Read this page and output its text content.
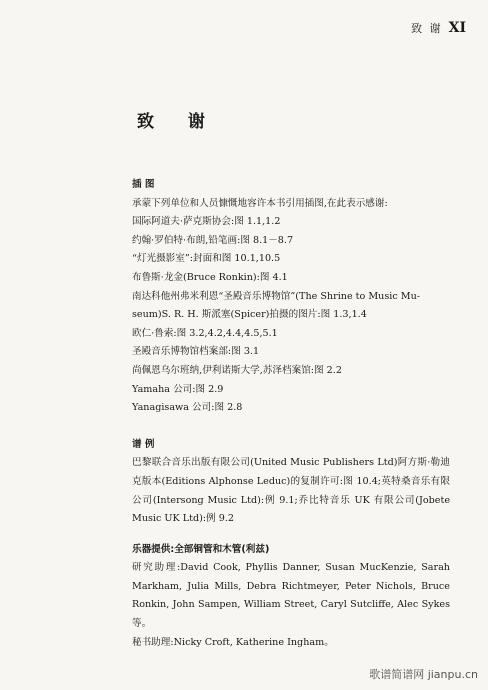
致 谢 XI
致 谢
插 图
承蒙下列单位和人员慷慨地容许本书引用插图,在此表示感谢:
国际阿道夫·萨克斯协会:图 1.1,1.2
约翰·罗伯特·布朗,铅笔画:图 8.1－8.7
“灯光摄影室”:封面和图 10.1,10.5
布鲁斯·龙金(Bruce Ronkin):图 4.1
南达科他州弗米利恩“圣殿音乐博物馆”(The Shrine to Music Mu-
seum)S. R. H. 斯派塞(Spicer)拍摄的图片:图 1.3,1.4
欧仁·鲁索:图 3.2,4.2,4.4,4.5,5.1
圣殿音乐博物馆档案部:图 3.1
尚佩恩乌尔班纳,伊利诺斯大学,苏泽档案馆:图 2.2
Yamaha 公司:图 2.9
Yanagisawa 公司:图 2.8
谱 例
巴黎联合音乐出版有限公司(United Music Publishers Ltd)阿方斯·勒迪克版本(Editions Alphonse Leduc)的复制许可:图 10.4;英特桑音乐有限公司(Intersong Music Ltd):例 9.1;乔比特音乐 UK 有限公司(Jobete Music UK Ltd):例 9.2
乐器提供:全部铜管和木管(利兹)
研究助理:David Cook, Phyllis Danner, Susan MucKenzie, Sarah Markham, Julia Mills, Debra Richtmeyer, Peter Nichols, Bruce Ronkin, John Sampen, William Street, Caryl Sutcliffe, Alec Sykes 等。
秘书助理:Nicky Croft, Katherine Ingham。
歌谱简谱网 jianpu.cn
